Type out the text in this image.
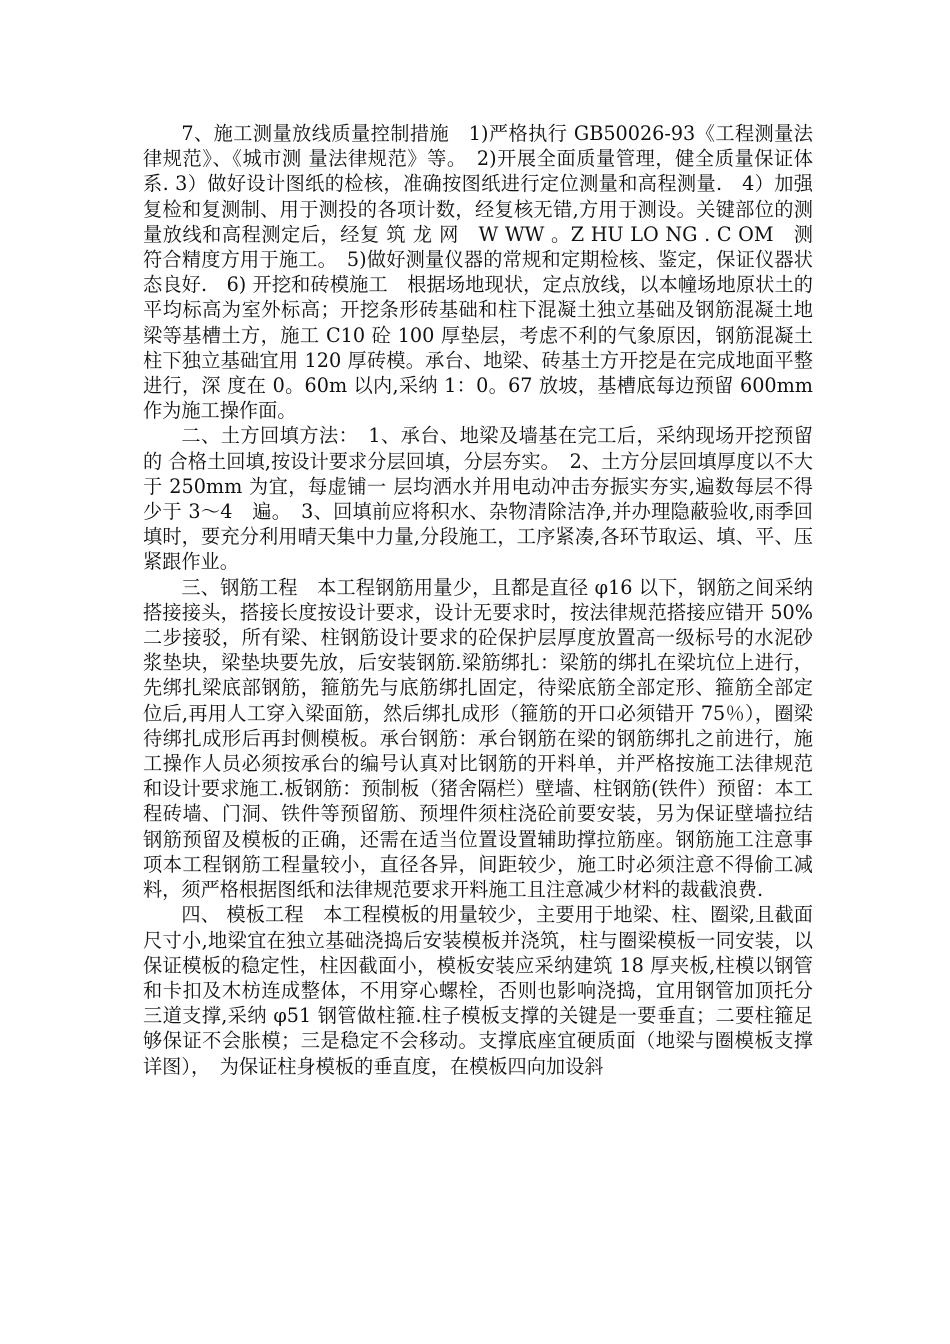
7、施工测量放线质量控制措施　1)严格执行 GB50026-93《工程测量法律规范》、《城市测 量法律规范》等。　2)开展全面质量管理，健全质量保证体系. 3）做好设计图纸的检核，准确按图纸进行定位测量和高程测量.　4）加强复检和复测制、用于测投的各项计数，经复核无错,方用于测设。关键部位的测量放线和高程测定后，经复 筑 龙 网　W WW 。Z HU LO NG . C OM　测符合精度方用于施工。　5)做好测量仪器的常规和定期检核、鉴定，保证仪器状态良好.　6) 开挖和砖模施工　根据场地现状，定点放线，以本幢场地原状土的平均标高为室外标高；开挖条形砖基础和柱下混凝土独立基础及钢筋混凝土地梁等基槽土方，施工 C10 砼 100 厚垫层，考虑不利的气象原因，钢筋混凝土柱下独立基础宜用 120 厚砖模。承台、地梁、砖基土方开挖是在完成地面平整进行，深 度在 0。60m 以内,采纳 1：0。67 放坡，基槽底每边预留 600mm 作为施工操作面。

二、土方回填方法：　1、承台、地梁及墙基在完工后，采纳现场开挖预留的 合格土回填,按设计要求分层回填，分层夯实。　2、土方分层回填厚度以不大于 250mm 为宜，每虚铺一 层均洒水并用电动冲击夯振实夯实,遍数每层不得少于 3～4　遍。　3、回填前应将积水、杂物清除洁净,并办理隐蔽验收,雨季回填时，要充分利用晴天集中力量,分段施工，工序紧凑,各环节取运、填、平、压紧跟作业。

三、钢筋工程　本工程钢筋用量少，且都是直径 φ16 以下，钢筋之间采纳搭接接头，搭接长度按设计要求，设计无要求时，按法律规范搭接应错开 50%二步接驳，所有梁、柱钢筋设计要求的砼保护层厚度放置高一级标号的水泥砂浆垫块，梁垫块要先放，后安装钢筋.梁筋绑扎：梁筋的绑扎在梁坑位上进行，先绑扎梁底部钢筋，箍筋先与底筋绑扎固定，待梁底筋全部定形、箍筋全部定位后,再用人工穿入梁面筋，然后绑扎成形（箍筋的开口必须错开 75％），圈梁待绑扎成形后再封侧模板。承台钢筋：承台钢筋在梁的钢筋绑扎之前进行，施工操作人员必须按承台的编号认真对比钢筋的开料单，并严格按施工法律规范和设计要求施工.板钢筋：预制板（猪舍隔栏）壁墙、柱钢筋(铁件）预留：本工程砖墙、门洞、铁件等预留筋、预埋件须柱浇砼前要安装，另为保证壁墙拉结钢筋预留及模板的正确，还需在适当位置设置辅助撑拉筋座。钢筋施工注意事项本工程钢筋工程量较小，直径各异，间距较少，施工时必须注意不得偷工减料，须严格根据图纸和法律规范要求开料施工且注意减少材料的裁截浪费.

四、 模板工程　本工程模板的用量较少，主要用于地梁、柱、圈梁,且截面尺寸小,地梁宜在独立基础浇捣后安装模板并浇筑，柱与圈梁模板一同安装，以保证模板的稳定性，柱因截面小，模板安装应采纳建筑 18 厚夹板,柱模以钢管和卡扣及木枋连成整体，不用穿心螺栓，否则也影响浇捣，宜用钢管加顶托分三道支撑,采纳 φ51 钢管做柱箍.柱子模板支撑的关键是一要垂直；二要柱箍足够保证不会胀模；三是稳定不会移动。支撑底座宜硬质面（地梁与圈模板支撑详图），　为保证柱身模板的垂直度，在模板四向加设斜
